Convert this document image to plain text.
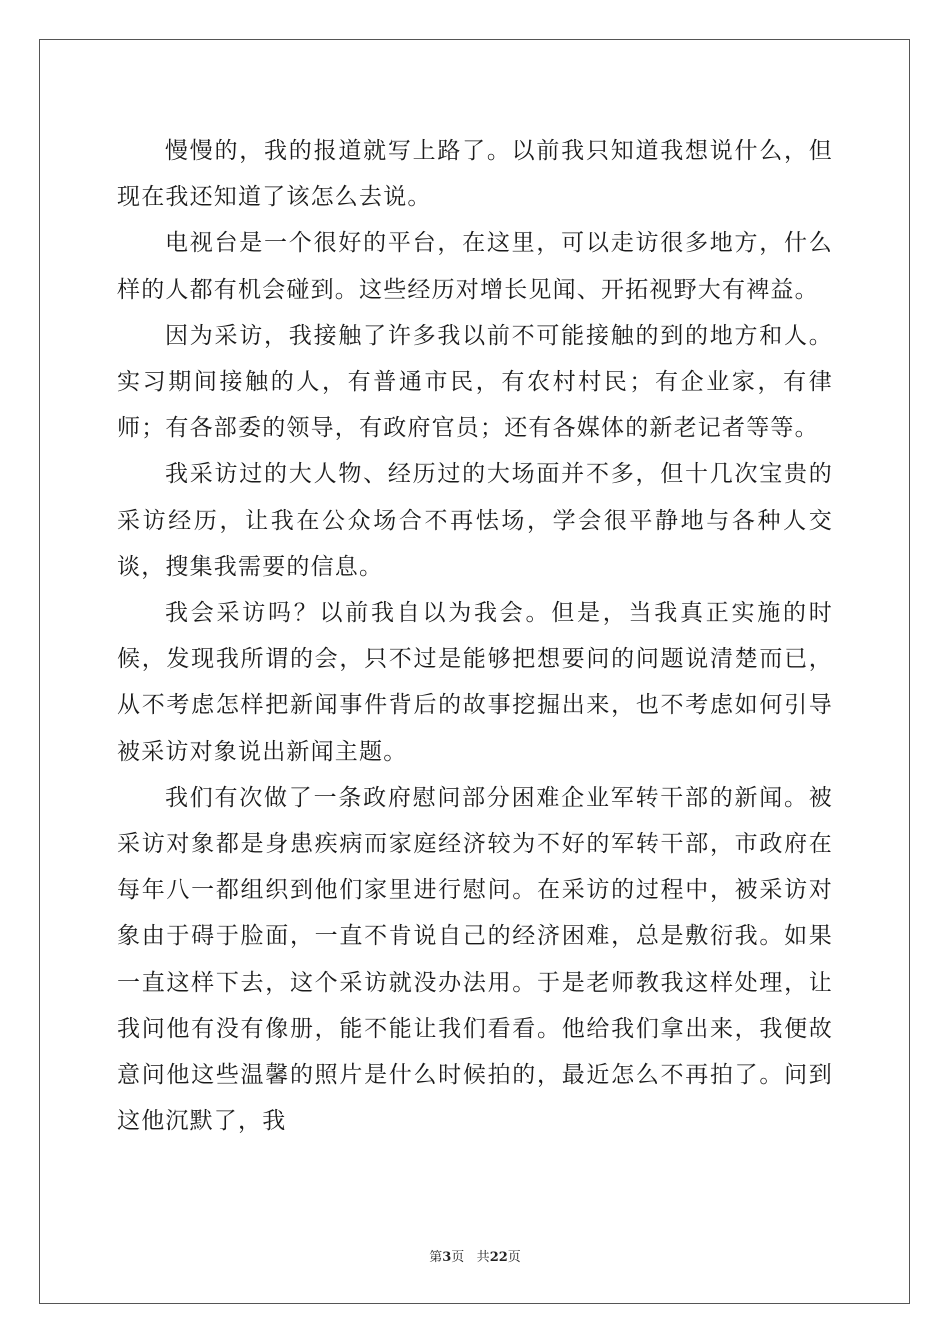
慢慢的，我的报道就写上路了。以前我只知道我想说什么，但现在我还知道了该怎么去说。

电视台是一个很好的平台，在这里，可以走访很多地方，什么样的人都有机会碰到。这些经历对增长见闻、开拓视野大有裨益。

因为采访，我接触了许多我以前不可能接触的到的地方和人。实习期间接触的人，有普通市民，有农村村民；有企业家，有律师；有各部委的领导，有政府官员；还有各媒体的新老记者等等。

我采访过的大人物、经历过的大场面并不多，但十几次宝贵的采访经历，让我在公众场合不再怯场，学会很平静地与各种人交谈，搜集我需要的信息。

我会采访吗？以前我自以为我会。但是，当我真正实施的时候，发现我所谓的会，只不过是能够把想要问的问题说清楚而已，从不考虑怎样把新闻事件背后的故事挖掘出来，也不考虑如何引导被采访对象说出新闻主题。

我们有次做了一条政府慰问部分困难企业军转干部的新闻。被采访对象都是身患疾病而家庭经济较为不好的军转干部，市政府在每年八一都组织到他们家里进行慰问。在采访的过程中，被采访对象由于碍于脸面，一直不肯说自己的经济困难，总是敷衍我。如果一直这样下去，这个采访就没办法用。于是老师教我这样处理，让我问他有没有像册，能不能让我们看看。他给我们拿出来，我便故意问他这些温馨的照片是什么时候拍的，最近怎么不再拍了。问到这他沉默了，我

第3页 共22页
